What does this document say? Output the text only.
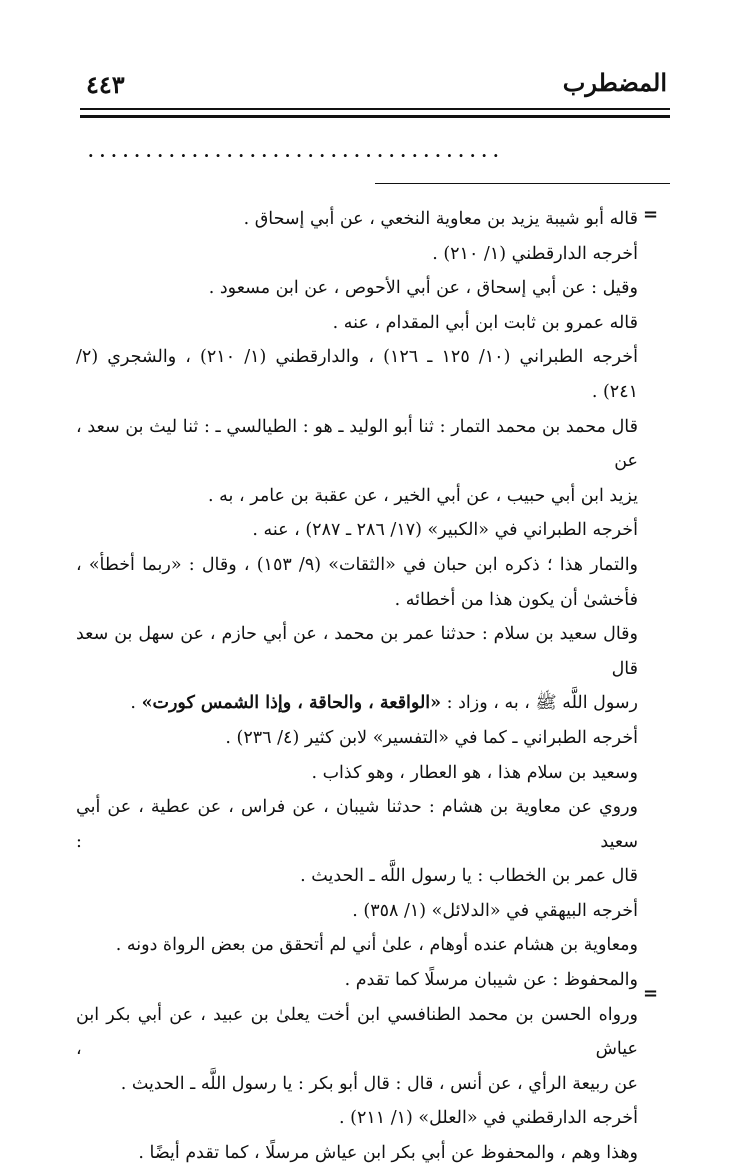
المضطرب
٤٤٣
....................................
=
=

قاله أبو شيبة يزيد بن معاوية النخعي ، عن أبي إسحاق .

أخرجه الدارقطني (١/ ٢١٠) .

وقيل : عن أبي إسحاق ، عن أبي الأحوص ، عن ابن مسعود .

قاله عمرو بن ثابت ابن أبي المقدام ، عنه .

أخرجه الطبراني (١٠/ ١٢٥ ـ ١٢٦) ، والدارقطني (١/ ٢١٠) ، والشجري (٢/

٢٤١) .

قال محمد بن محمد التمار : ثنا أبو الوليد ـ هو : الطيالسي ـ : ثنا ليث بن سعد ، عن

يزيد ابن أبي حبيب ، عن أبي الخير ، عن عقبة بن عامر ، به .

أخرجه الطبراني في «الكبير» (١٧/ ٢٨٦ ـ ٢٨٧) ، عنه .

والتمار هذا ؛ ذكره ابن حبان في «الثقات» (٩/ ١٥٣) ، وقال : «ربما أخطأ» ،

فأخشىٰ أن يكون هذا من أخطائه .

وقال سعيد بن سلام : حدثنا عمر بن محمد ، عن أبي حازم ، عن سهل بن سعد قال

رسول اللَّه ﷺ ، به ، وزاد : «الواقعة ، والحاقة ، وإذا الشمس كورت» .

أخرجه الطبراني ـ كما في «التفسير» لابن كثير (٤/ ٢٣٦) .

وسعيد بن سلام هذا ، هو العطار ، وهو كذاب .

وروي عن معاوية بن هشام : حدثنا شيبان ، عن فراس ، عن عطية ، عن أبي سعيد :

قال عمر بن الخطاب : يا رسول اللَّه ـ الحديث .

أخرجه البيهقي في «الدلائل» (١/ ٣٥٨) .

ومعاوية بن هشام عنده أوهام ، علىٰ أني لم أتحقق من بعض الرواة دونه .

والمحفوظ : عن شيبان مرسلًا كما تقدم .

ورواه الحسن بن محمد الطنافسي ابن أخت يعلىٰ بن عبيد ، عن أبي بكر ابن عياش ،

عن ربيعة الرأي ، عن أنس ، قال : قال أبو بكر : يا رسول اللَّه ـ الحديث .

أخرجه الدارقطني في «العلل» (١/ ٢١١) .

وهذا وهم ، والمحفوظ عن أبي بكر ابن عياش مرسلًا ، كما تقدم أيضًا .
